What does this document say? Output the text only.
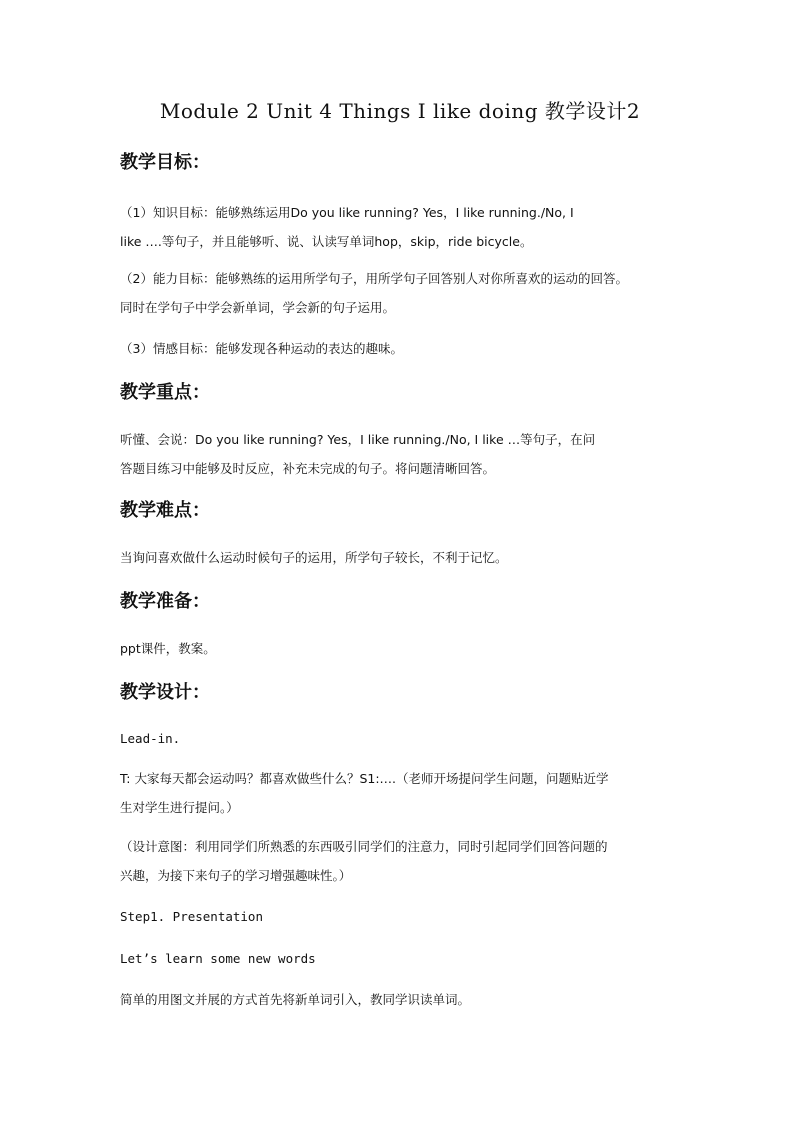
Module 2 Unit 4 Things I like doing 教学设计2
教学目标：
（1）知识目标：能够熟练运用Do you like running? Yes，I like running./No, I
like ….等句子，并且能够听、说、认读写单词hop，skip，ride bicycle。
（2）能力目标：能够熟练的运用所学句子，用所学句子回答别人对你所喜欢的运动的回答。
同时在学句子中学会新单词，学会新的句子运用。
（3）情感目标：能够发现各种运动的表达的趣味。
教学重点：
听懂、会说：Do you like running? Yes，I like running./No, I like …等句子，在问
答题目练习中能够及时反应，补充未完成的句子。将问题清晰回答。
教学难点：
当询问喜欢做什么运动时候句子的运用，所学句子较长，不利于记忆。
教学准备：
ppt课件，教案。
教学设计：
Lead-in.
T: 大家每天都会运动吗？都喜欢做些什么？S1:….（老师开场提问学生问题，问题贴近学
生对学生进行提问。）
（设计意图：利用同学们所熟悉的东西吸引同学们的注意力，同时引起同学们回答问题的
兴趣，为接下来句子的学习增强趣味性。）
Step1. Presentation
Let’s learn some new words
简单的用图文并展的方式首先将新单词引入，教同学识读单词。
